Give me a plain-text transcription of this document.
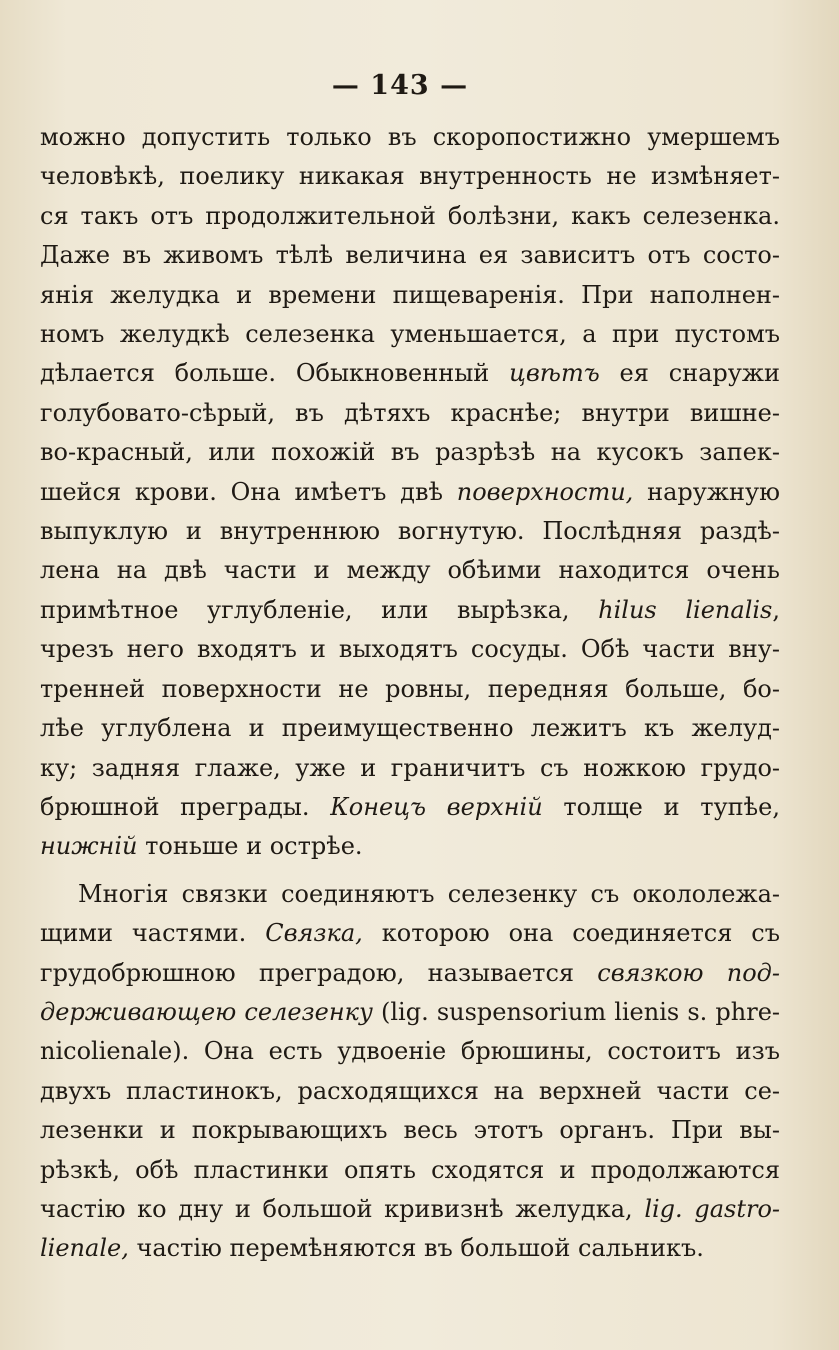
— 143 —
можно допустить только въ скоропостижно умершемъ
человѣкѣ, поелику никакая внутренность не измѣняет-
ся такъ отъ продолжительной болѣзни, какъ селезенка.
Даже въ живомъ тѣлѣ величина ея зависитъ отъ состо-
янія желудка и времени пищеваренія. При наполнен-
номъ желудкѣ селезенка уменьшается, а при пустомъ
дѣлается больше. Обыкновенный цвѣтъ ея снаружи
голубовато-сѣрый, въ дѣтяхъ краснѣе; внутри вишне-
во-красный, или похожій въ разрѣзѣ на кусокъ запек-
шейся крови. Она имѣетъ двѣ поверхности, наружную
выпуклую и внутреннюю вогнутую. Послѣдняя раздѣ-
лена на двѣ части и между обѣими находится очень
примѣтное углубленіе, или вырѣзка, hilus lienalis,
чрезъ него входятъ и выходятъ сосуды. Обѣ части вну-
тренней поверхности не ровны, передняя больше, бо-
лѣе углублена и преимущественно лежитъ къ желуд-
ку; задняя глаже, уже и граничитъ съ ножкою грудо-
брюшной преграды. Конецъ верхній толще и тупѣе,
нижній тоньше и острѣе.
Многія связки соединяютъ селезенку съ окололежа-
щими частями. Связка, которою она соединяется съ
грудобрюшною преградою, называется связкою под-
держивающею селезенку (lig. suspensorium lienis s. phre-
nicolienale). Она есть удвоеніе брюшины, состоитъ изъ
двухъ пластинокъ, расходящихся на верхней части се-
лезенки и покрывающихъ весь этотъ органъ. При вы-
рѣзкѣ, обѣ пластинки опять сходятся и продолжаются
частію ко дну и большой кривизнѣ желудка, lig. gastro-
lienale, частію перемѣняются въ большой сальникъ.
